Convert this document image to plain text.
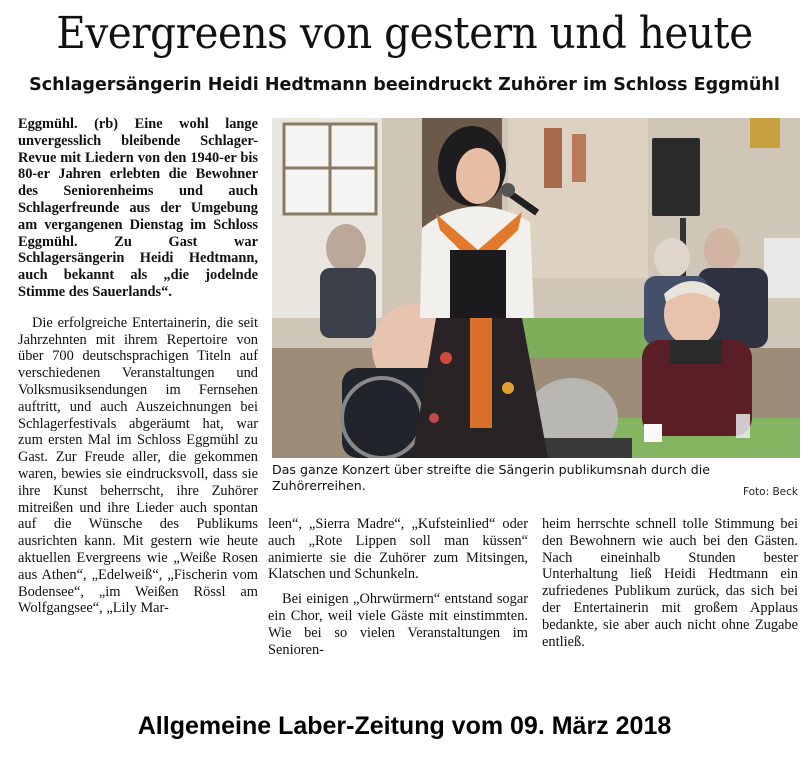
Evergreens von gestern und heute
Schlagersängerin Heidi Hedtmann beeindruckt Zuhörer im Schloss Eggmühl

Eggmühl. (rb) Eine wohl lange unvergesslich bleibende Schlager-Revue mit Liedern von den 1940-er bis 80-er Jahren erlebten die Bewohner des Seniorenheims und auch Schlagerfreunde aus der Umgebung am vergangenen Dienstag im Schloss Eggmühl. Zu Gast war Schlagersängerin Heidi Hedtmann, auch bekannt als „die jodelnde Stimme des Sauerlands“.

Die erfolgreiche Entertainerin, die seit Jahrzehnten mit ihrem Repertoire von über 700 deutschsprachigen Titeln auf verschiedenen Veranstaltungen und Volksmusiksendungen im Fernsehen auftritt, und auch Auszeichnungen bei Schlagerfestivals abgeräumt hat, war zum ersten Mal im Schloss Eggmühl zu Gast. Zur Freude aller, die gekommen waren, bewies sie eindrucksvoll, dass sie ihre Kunst beherrscht, ihre Zuhörer mitreißen und ihre Lieder auch spontan auf die Wünsche des Publikums ausrichten kann. Mit gestern wie heute aktuellen Evergreens wie „Weiße Rosen aus Athen“, „Edelweiß“, „Fischerin vom Bodensee“, „im Weißen Rössl am Wolfgangsee“, „Lily Mar-

Das ganze Konzert über streifte die Sängerin publikumsnah durch die Zuhörerreihen.	Foto: Beck

leen“, „Sierra Madre“, „Kufsteinlied“ oder auch „Rote Lippen soll man küssen“ animierte sie die Zuhörer zum Mitsingen, Klatschen und Schunkeln.

Bei einigen „Ohrwürmern“ entstand sogar ein Chor, weil viele Gäste mit einstimmten. Wie bei so vielen Veranstaltungen im Senioren-

heim herrschte schnell tolle Stimmung bei den Bewohnern wie auch bei den Gästen. Nach eineinhalb Stunden bester Unterhaltung ließ Heidi Hedtmann ein zufriedenes Publikum zurück, das sich bei der Entertainerin mit großem Applaus bedankte, sie aber auch nicht ohne Zugabe entließ.

Allgemeine Laber-Zeitung vom 09. März 2018
